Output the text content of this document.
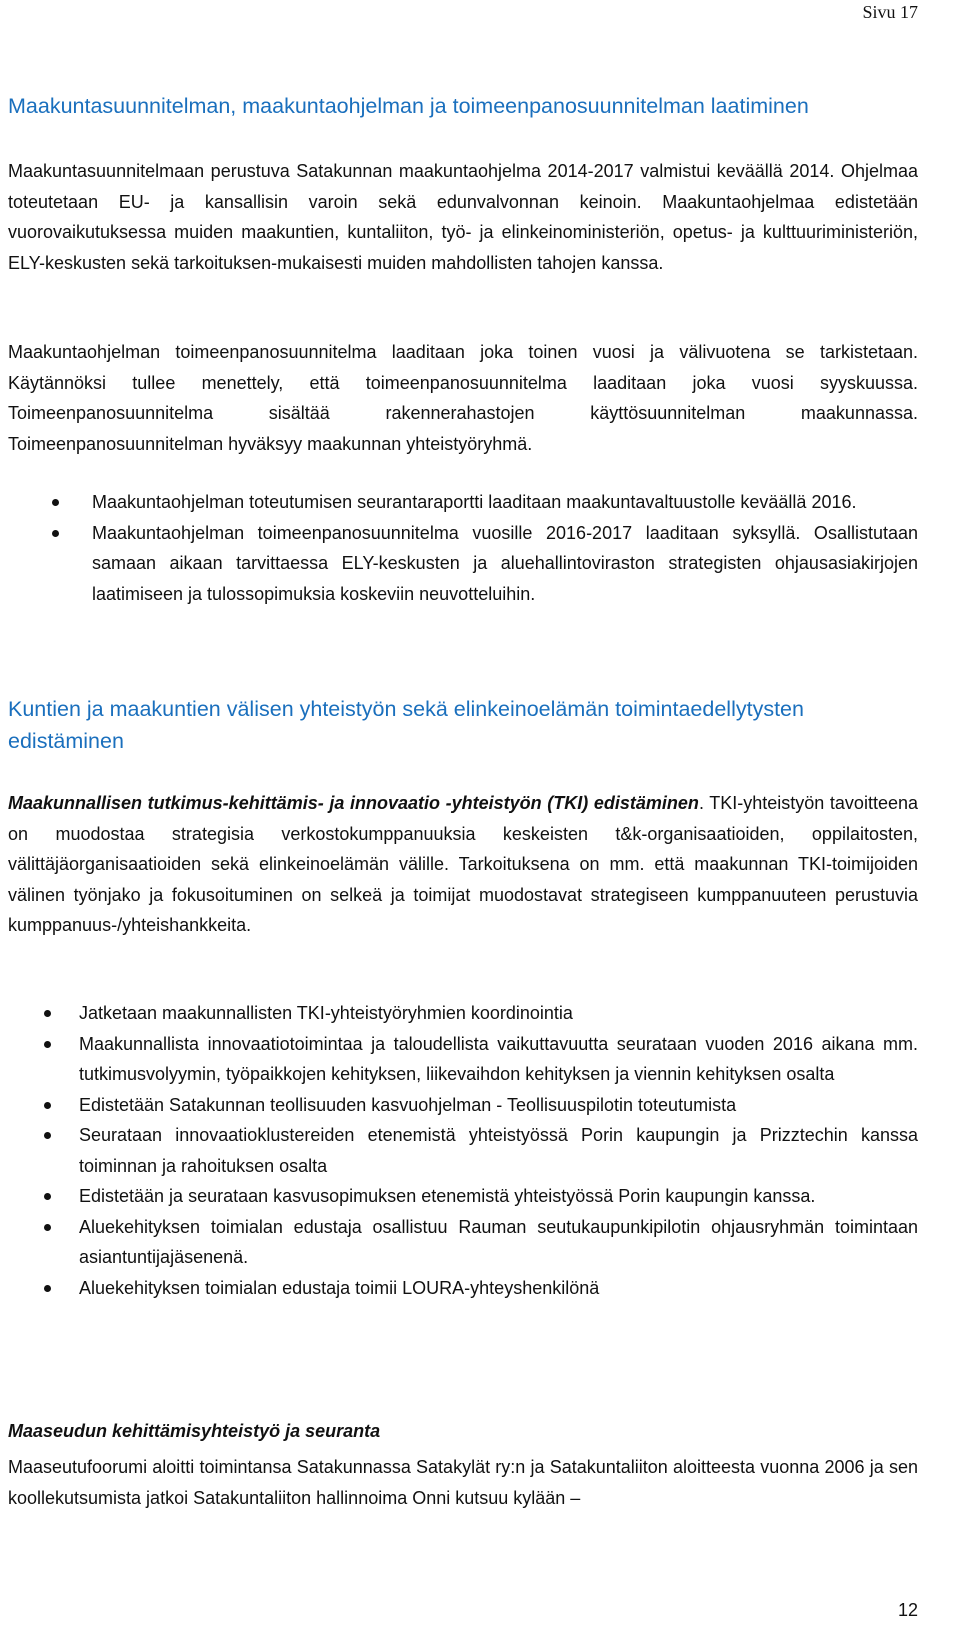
Sivu 17
Maakuntasuunnitelman, maakuntaohjelman ja toimeenpanosuunnitelman laatiminen

Maakuntasuunnitelmaan perustuva Satakunnan maakuntaohjelma 2014-2017 valmistui keväällä 2014. Ohjelmaa toteutetaan EU- ja kansallisin varoin sekä edunvalvonnan keinoin. Maakuntaohjelmaa edistetään vuorovaikutuksessa muiden maakuntien, kuntaliiton, työ- ja elinkeinoministeriön, opetus- ja kulttuuriministeriön, ELY-keskusten sekä tarkoituksen-mukaisesti muiden mahdollisten tahojen kanssa.

Maakuntaohjelman toimeenpanosuunnitelma laaditaan joka toinen vuosi ja välivuotena se tarkistetaan. Käytännöksi tullee menettely, että toimeenpanosuunnitelma laaditaan joka vuosi syyskuussa. Toimeenpanosuunnitelma sisältää rakennerahastojen käyttösuunnitelman maakunnassa. Toimeenpanosuunnitelman hyväksyy maakunnan yhteistyöryhmä.

Maakuntaohjelman toteutumisen seurantaraportti laaditaan maakuntavaltuustolle keväällä 2016.
Maakuntaohjelman toimeenpanosuunnitelma vuosille 2016-2017 laaditaan syksyllä. Osallistutaan samaan aikaan tarvittaessa ELY-keskusten ja aluehallintoviraston strategisten ohjausasiakirjojen laatimiseen ja tulossopimuksia koskeviin neuvotteluihin.
Kuntien ja maakuntien välisen yhteistyön sekä elinkeinoelämän toimintaedellytysten edistäminen

Maakunnallisen tutkimus-kehittämis- ja innovaatio -yhteistyön (TKI) edistäminen. TKI-yhteistyön tavoitteena on muodostaa strategisia verkostokumppanuuksia keskeisten t&k-organisaatioiden, oppilaitosten, välittäjäorganisaatioiden sekä elinkeinoelämän välille. Tarkoituksena on mm. että maakunnan TKI-toimijoiden välinen työnjako ja fokusoituminen on selkeä ja toimijat muodostavat strategiseen kumppanuuteen perustuvia kumppanuus-/yhteishankkeita.

Jatketaan maakunnallisten TKI-yhteistyöryhmien koordinointia
Maakunnallista innovaatiotoimintaa ja taloudellista vaikuttavuutta seurataan vuoden 2016 aikana mm. tutkimusvolyymin, työpaikkojen kehityksen, liikevaihdon kehityksen ja viennin kehityksen osalta
Edistetään Satakunnan teollisuuden kasvuohjelman - Teollisuuspilotin toteutumista
Seurataan innovaatioklustereiden etenemistä yhteistyössä Porin kaupungin ja Prizztechin kanssa toiminnan ja rahoituksen osalta
Edistetään ja seurataan kasvusopimuksen etenemistä yhteistyössä Porin kaupungin kanssa.
Aluekehityksen toimialan edustaja osallistuu Rauman seutukaupunkipilotin ohjausryhmän toimintaan asiantuntijajäsenenä.
Aluekehityksen toimialan edustaja toimii LOURA-yhteyshenkilönä

Maaseudun kehittämisyhteistyö ja seuranta

Maaseutufoorumi aloitti toimintansa Satakunnassa Satakylät ry:n ja Satakuntaliiton aloitteesta vuonna 2006 ja sen koollekutsumista jatkoi Satakuntaliiton hallinnoima Onni kutsuu kylään –

12
